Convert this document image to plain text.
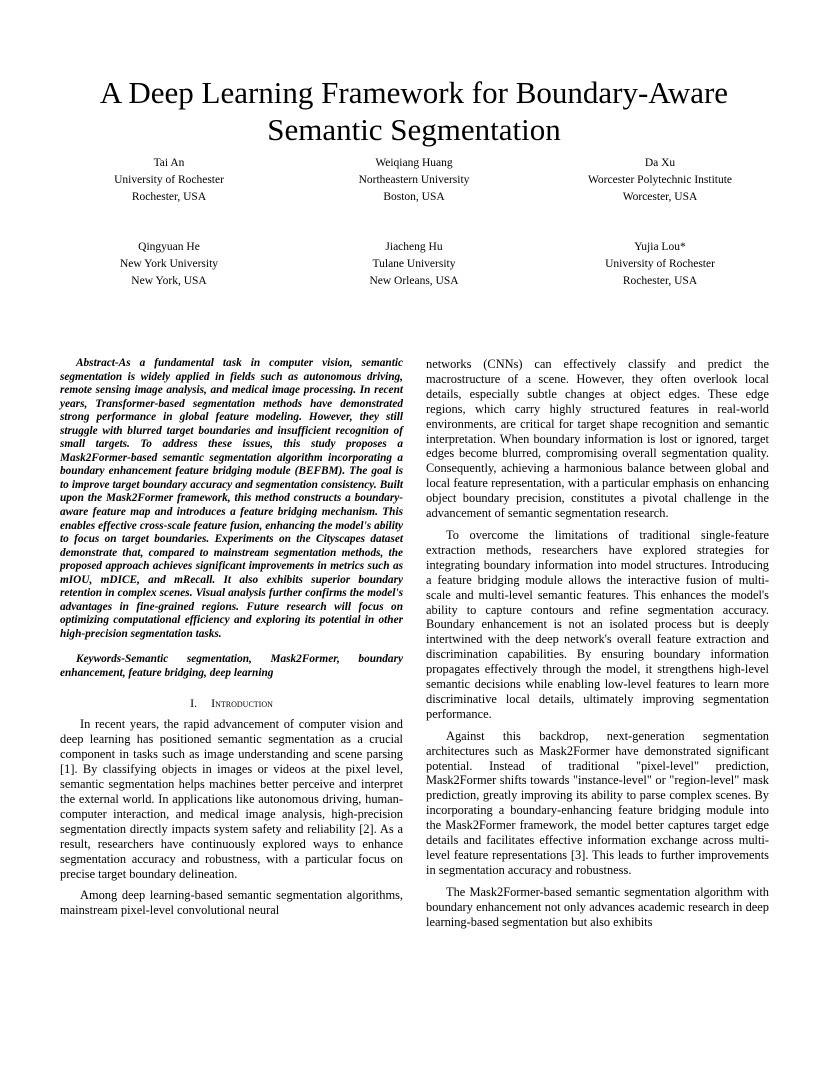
A Deep Learning Framework for Boundary-Aware Semantic Segmentation
Tai An
University of Rochester
Rochester, USA
Weiqiang Huang
Northeastern University
Boston, USA
Da Xu
Worcester Polytechnic Institute
Worcester, USA
Qingyuan He
New York University
New York, USA
Jiacheng Hu
Tulane University
New Orleans, USA
Yujia Lou*
University of Rochester
Rochester, USA

Abstract-As a fundamental task in computer vision, semantic segmentation is widely applied in fields such as autonomous driving, remote sensing image analysis, and medical image processing. In recent years, Transformer-based segmentation methods have demonstrated strong performance in global feature modeling. However, they still struggle with blurred target boundaries and insufficient recognition of small targets. To address these issues, this study proposes a Mask2Former-based semantic segmentation algorithm incorporating a boundary enhancement feature bridging module (BEFBM). The goal is to improve target boundary accuracy and segmentation consistency. Built upon the Mask2Former framework, this method constructs a boundary-aware feature map and introduces a feature bridging mechanism. This enables effective cross-scale feature fusion, enhancing the model's ability to focus on target boundaries. Experiments on the Cityscapes dataset demonstrate that, compared to mainstream segmentation methods, the proposed approach achieves significant improvements in metrics such as mIOU, mDICE, and mRecall. It also exhibits superior boundary retention in complex scenes. Visual analysis further confirms the model's advantages in fine-grained regions. Future research will focus on optimizing computational efficiency and exploring its potential in other high-precision segmentation tasks.

Keywords-Semantic segmentation, Mask2Former, boundary enhancement, feature bridging, deep learning

I. Introduction

In recent years, the rapid advancement of computer vision and deep learning has positioned semantic segmentation as a crucial component in tasks such as image understanding and scene parsing [1]. By classifying objects in images or videos at the pixel level, semantic segmentation helps machines better perceive and interpret the external world. In applications like autonomous driving, human-computer interaction, and medical image analysis, high-precision segmentation directly impacts system safety and reliability [2]. As a result, researchers have continuously explored ways to enhance segmentation accuracy and robustness, with a particular focus on precise target boundary delineation.

Among deep learning-based semantic segmentation algorithms, mainstream pixel-level convolutional neural

networks (CNNs) can effectively classify and predict the macrostructure of a scene. However, they often overlook local details, especially subtle changes at object edges. These edge regions, which carry highly structured features in real-world environments, are critical for target shape recognition and semantic interpretation. When boundary information is lost or ignored, target edges become blurred, compromising overall segmentation quality. Consequently, achieving a harmonious balance between global and local feature representation, with a particular emphasis on enhancing object boundary precision, constitutes a pivotal challenge in the advancement of semantic segmentation research.

To overcome the limitations of traditional single-feature extraction methods, researchers have explored strategies for integrating boundary information into model structures. Introducing a feature bridging module allows the interactive fusion of multi-scale and multi-level semantic features. This enhances the model's ability to capture contours and refine segmentation accuracy. Boundary enhancement is not an isolated process but is deeply intertwined with the deep network's overall feature extraction and discrimination capabilities. By ensuring boundary information propagates effectively through the model, it strengthens high-level semantic decisions while enabling low-level features to learn more discriminative local details, ultimately improving segmentation performance.

Against this backdrop, next-generation segmentation architectures such as Mask2Former have demonstrated significant potential. Instead of traditional "pixel-level" prediction, Mask2Former shifts towards "instance-level" or "region-level" mask prediction, greatly improving its ability to parse complex scenes. By incorporating a boundary-enhancing feature bridging module into the Mask2Former framework, the model better captures target edge details and facilitates effective information exchange across multi-level feature representations [3]. This leads to further improvements in segmentation accuracy and robustness.

The Mask2Former-based semantic segmentation algorithm with boundary enhancement not only advances academic research in deep learning-based segmentation but also exhibits
